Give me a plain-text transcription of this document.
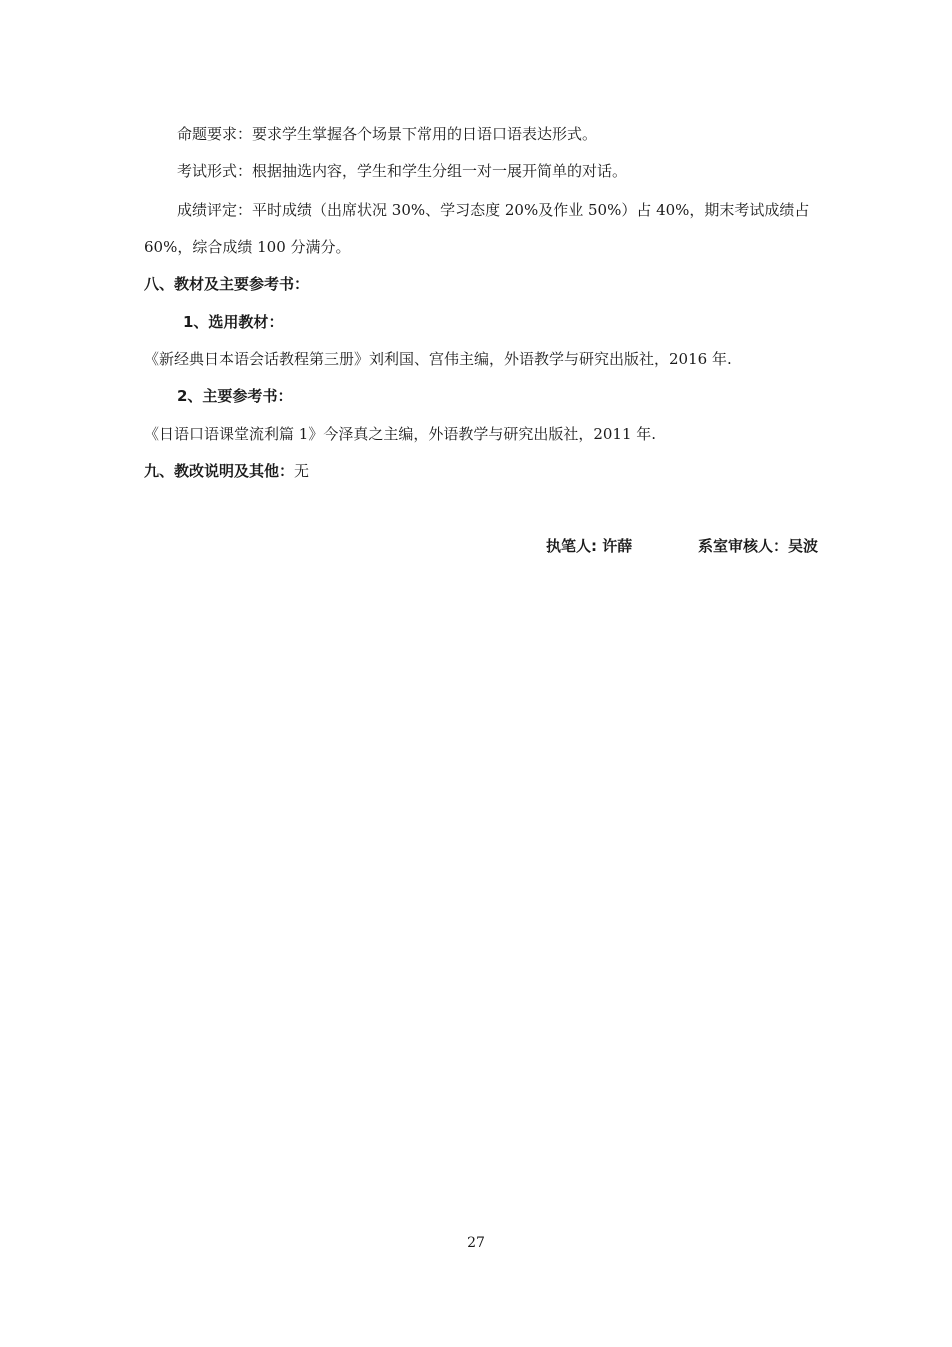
命题要求：要求学生掌握各个场景下常用的日语口语表达形式。
考试形式：根据抽选内容，学生和学生分组一对一展开简单的对话。
成绩评定：平时成绩（出席状况 30%、学习态度 20%及作业 50%）占 40%，期末考试成绩占
60%，综合成绩 100 分满分。
八、教材及主要参考书：
1、选用教材：
《新经典日本语会话教程第三册》刘利国、宫伟主编，外语教学与研究出版社，2016 年.
2、主要参考书：
《日语口语课堂流利篇 1》今泽真之主编，外语教学与研究出版社，2011 年.
九、教改说明及其他：无
执笔人: 许薛	系室审核人：吴波
27
